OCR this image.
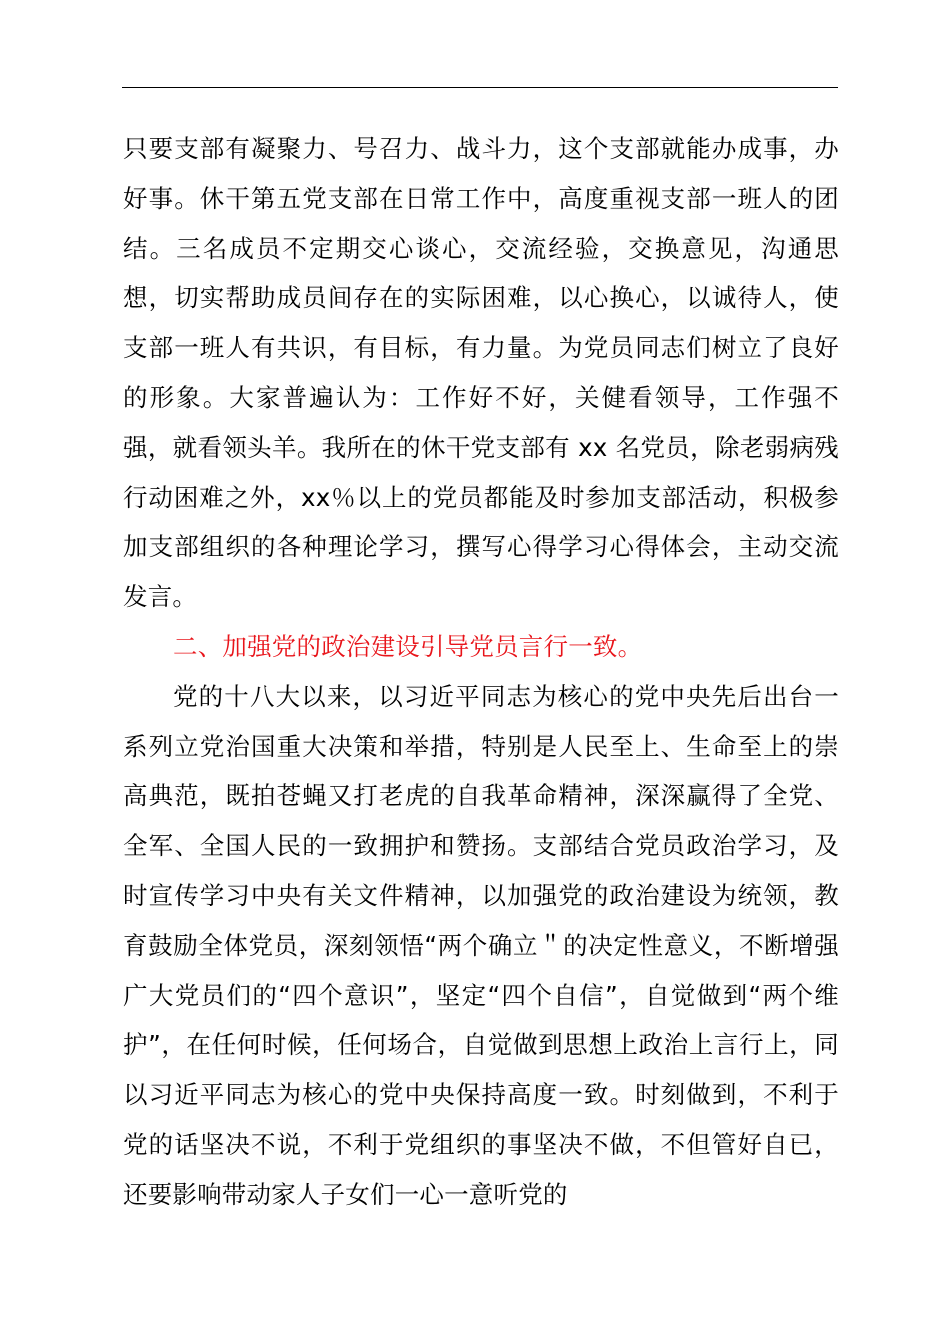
只要支部有凝聚力、号召力、战斗力，这个支部就能办成事，办好事。休干第五党支部在日常工作中，高度重视支部一班人的团结。三名成员不定期交心谈心，交流经验，交换意见，沟通思想，切实帮助成员间存在的实际困难，以心换心，以诚待人，使支部一班人有共识，有目标，有力量。为党员同志们树立了良好的形象。大家普遍认为：工作好不好，关健看领导，工作强不强，就看领头羊。我所在的休干党支部有 xx 名党员，除老弱病残行动困难之外，xx％以上的党员都能及时参加支部活动，积极参加支部组织的各种理论学习，撰写心得学习心得体会，主动交流发言。

二、加强党的政治建设引导党员言行一致。

党的十八大以来，以习近平同志为核心的党中央先后出台一系列立党治国重大决策和举措，特别是人民至上、生命至上的崇高典范，既拍苍蝇又打老虎的自我革命精神，深深赢得了全党、全军、全国人民的一致拥护和赞扬。支部结合党员政治学习，及时宣传学习中央有关文件精神，以加强党的政治建设为统领，教育鼓励全体党员，深刻领悟“两个确立＂的决定性意义，不断增强广大党员们的“四个意识”，坚定“四个自信”，自觉做到“两个维护”，在任何时候，任何场合，自觉做到思想上政治上言行上，同以习近平同志为核心的党中央保持高度一致。时刻做到，不利于党的话坚决不说，不利于党组织的事坚决不做，不但管好自已，还要影响带动家人子女们一心一意听党的
